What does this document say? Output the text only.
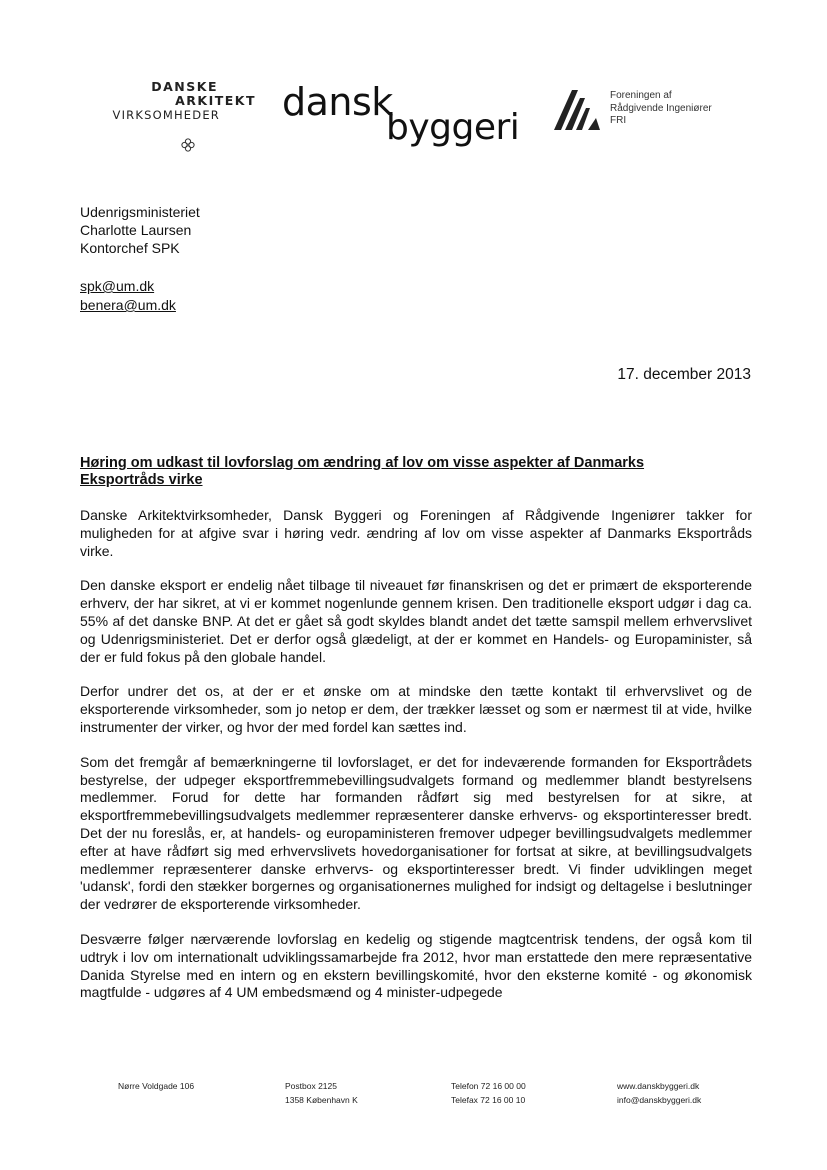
DANSKE
ARKITEKT
VIRKSOMHEDER	dansk
byggeri
Foreningen af
Rådgivende Ingeniører
FRI
Udenrigsministeriet
Charlotte Laursen
Kontorchef SPK
spk@um.dk
benera@um.dk
17. december 2013
Høring om udkast til lovforslag om ændring af lov om visse aspekter af Danmarks Eksportråds virke

Danske Arkitektvirksomheder, Dansk Byggeri og Foreningen af Rådgivende Ingeniører takker for muligheden for at afgive svar i høring vedr. ændring af lov om visse aspekter af Danmarks Eksportråds virke.

Den danske eksport er endelig nået tilbage til niveauet før finanskrisen og det er primært de eksporterende erhverv, der har sikret, at vi er kommet nogenlunde gennem krisen. Den traditionelle eksport udgør i dag ca. 55% af det danske BNP. At det er gået så godt skyldes blandt andet det tætte samspil mellem erhvervslivet og Udenrigsministeriet. Det er derfor også glædeligt, at der er kommet en Handels- og Europaminister, så der er fuld fokus på den globale handel.

Derfor undrer det os, at der er et ønske om at mindske den tætte kontakt til erhvervslivet og de eksporterende virksomheder, som jo netop er dem, der trækker læsset og som er nærmest til at vide, hvilke instrumenter der virker, og hvor der med fordel kan sættes ind.

Som det fremgår af bemærkningerne til lovforslaget, er det for indeværende formanden for Eksportrådets bestyrelse, der udpeger eksportfremmebevillingsudvalgets formand og medlemmer blandt bestyrelsens medlemmer. Forud for dette har formanden rådført sig med bestyrelsen for at sikre, at eksportfremmebevillingsudvalgets medlemmer repræsenterer danske erhvervs- og eksportinteresser bredt. Det der nu foreslås, er, at handels- og europaministeren fremover udpeger bevillingsudvalgets medlemmer efter at have rådført sig med erhvervslivets hovedorganisationer for fortsat at sikre, at bevillingsudvalgets medlemmer repræsenterer danske erhvervs- og eksportinteresser bredt. Vi finder udviklingen meget 'udansk', fordi den stækker borgernes og organisationernes mulighed for indsigt og deltagelse i beslutninger der vedrører de eksporterende virksomheder.

Desværre følger nærværende lovforslag en kedelig og stigende magtcentrisk tendens, der også kom til udtryk i lov om internationalt udviklingssamarbejde fra 2012, hvor man erstattede den mere repræsentative Danida Styrelse med en intern og en ekstern bevillingskomité, hvor den eksterne komité - og økonomisk magtfulde - udgøres af 4 UM embedsmænd og 4 minister-udpegede

Nørre Voldgade 106	Postbox 2125
1358 København K
Telefon 72 16 00 00
Telefax 72 16 00 10
www.danskbyggeri.dk
info@danskbyggeri.dk
